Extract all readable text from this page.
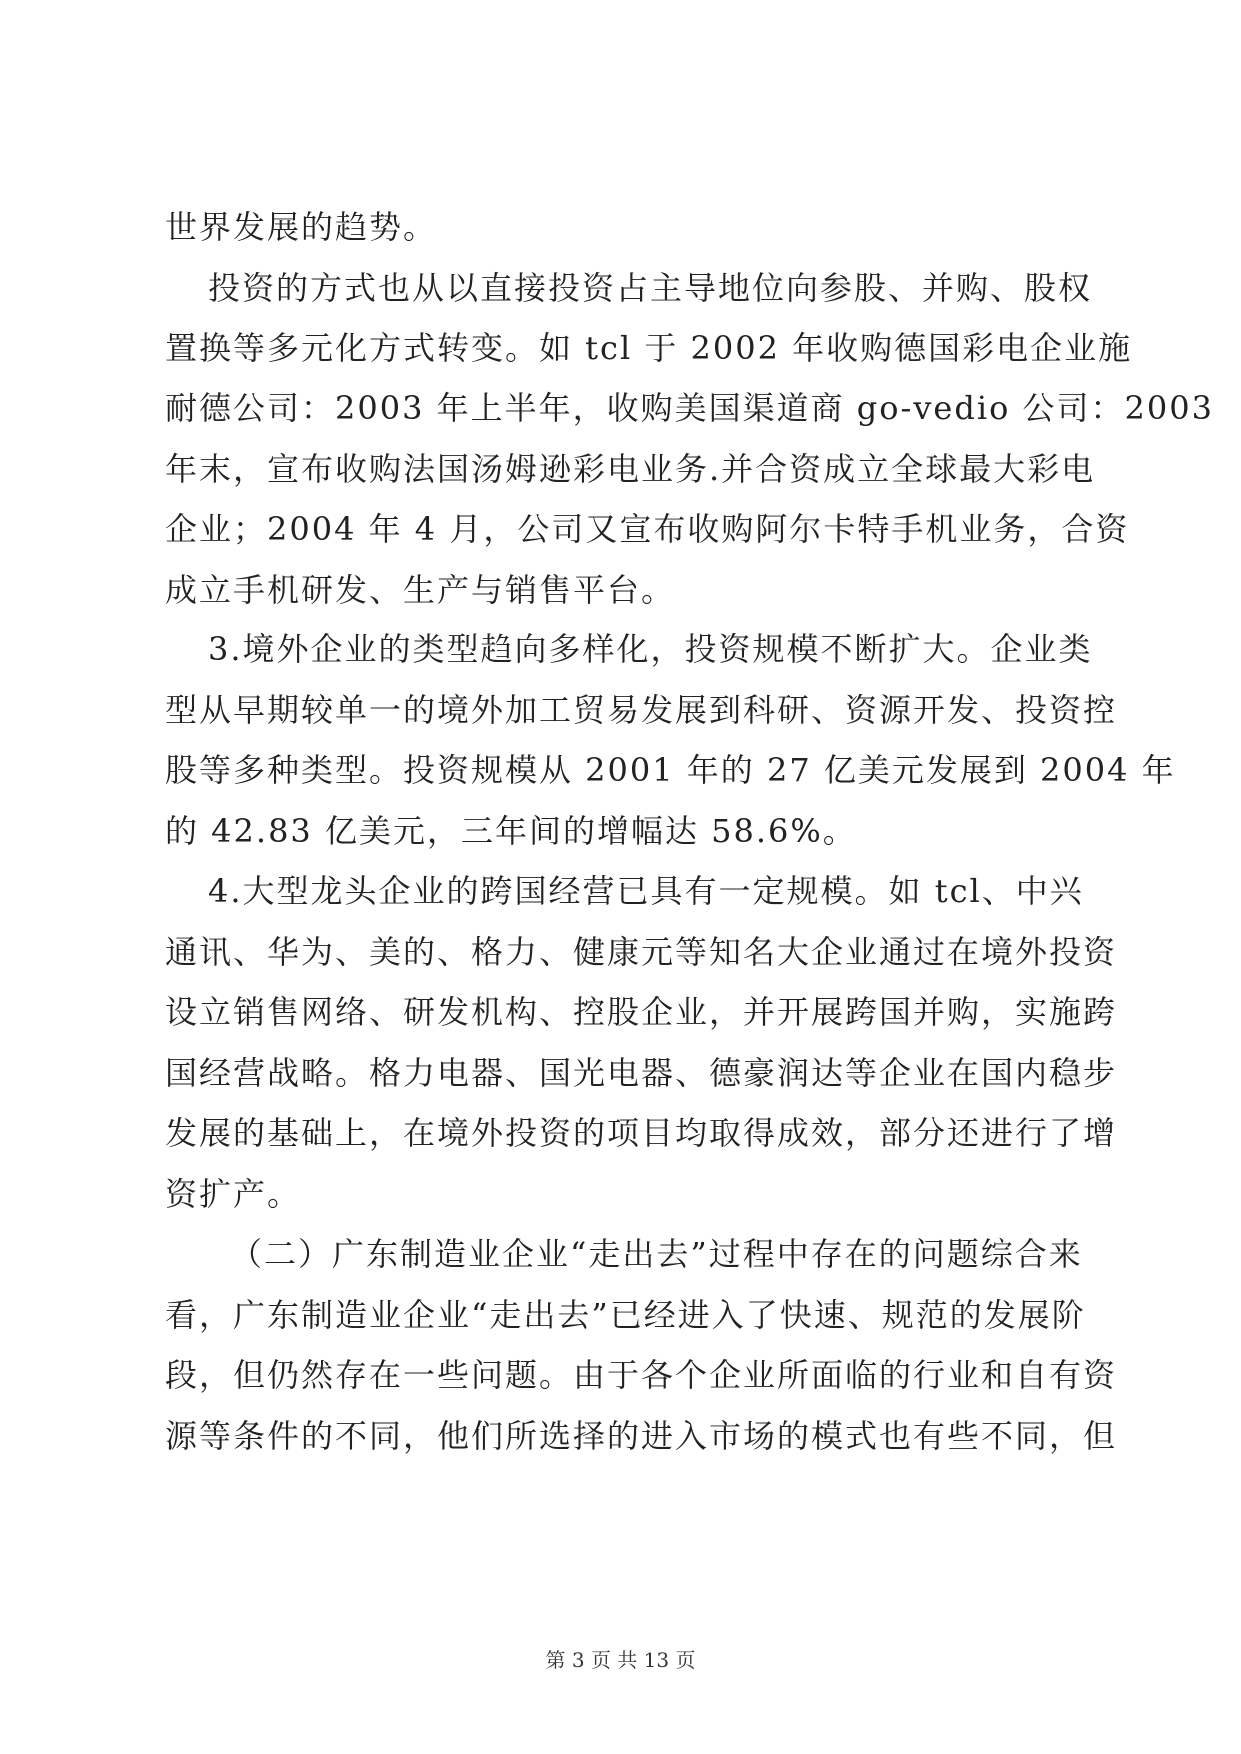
世界发展的趋势。
投资的方式也从以直接投资占主导地位向参股、并购、股权
置换等多元化方式转变。如 tcl 于 2002 年收购德国彩电企业施
耐德公司：2003 年上半年，收购美国渠道商 go-vedio 公司：2003
年末，宣布收购法国汤姆逊彩电业务.并合资成立全球最大彩电
企业；2004 年 4 月，公司又宣布收购阿尔卡特手机业务，合资
成立手机研发、生产与销售平台。
3.境外企业的类型趋向多样化，投资规模不断扩大。企业类
型从早期较单一的境外加工贸易发展到科研、资源开发、投资控
股等多种类型。投资规模从 2001 年的 27 亿美元发展到 2004 年
的 42.83 亿美元，三年间的增幅达 58.6%。
4.大型龙头企业的跨国经营已具有一定规模。如 tcl、中兴
通讯、华为、美的、格力、健康元等知名大企业通过在境外投资
设立销售网络、研发机构、控股企业，并开展跨国并购，实施跨
国经营战略。格力电器、国光电器、德豪润达等企业在国内稳步
发展的基础上，在境外投资的项目均取得成效，部分还进行了增
资扩产。
（二）广东制造业企业“走出去”过程中存在的问题综合来
看，广东制造业企业“走出去”已经进入了快速、规范的发展阶
段，但仍然存在一些问题。由于各个企业所面临的行业和自有资
源等条件的不同，他们所选择的进入市场的模式也有些不同，但
第 3 页 共 13 页
